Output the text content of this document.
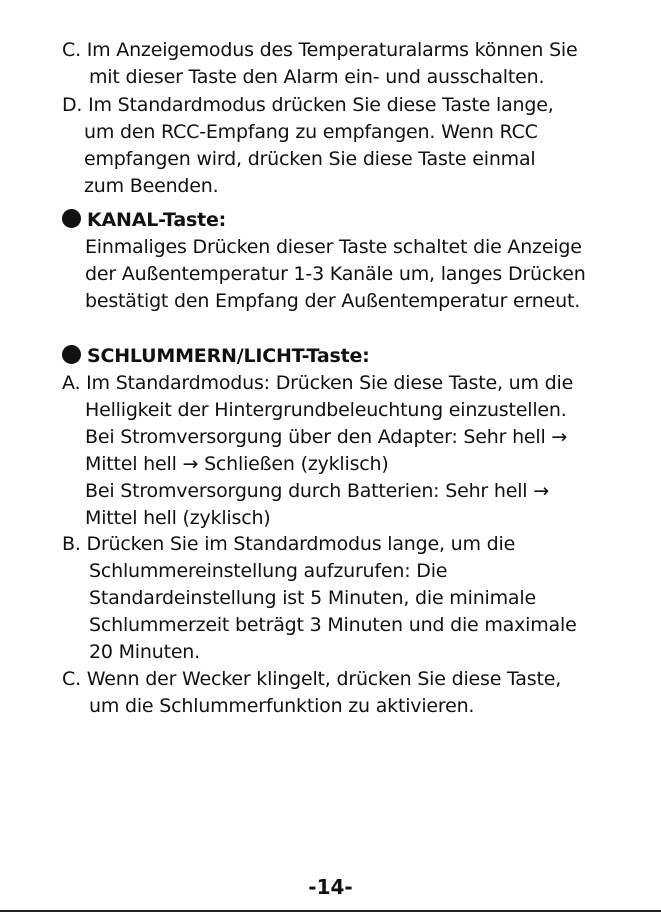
C. Im Anzeigemodus des Temperaturalarms können Sie
mit dieser Taste den Alarm ein- und ausschalten.
D. Im Standardmodus drücken Sie diese Taste lange,
um den RCC-Empfang zu empfangen. Wenn RCC
empfangen wird, drücken Sie diese Taste einmal
zum Beenden.
KANAL-Taste:
Einmaliges Drücken dieser Taste schaltet die Anzeige
der Außentemperatur 1-3 Kanäle um, langes Drücken
bestätigt den Empfang der Außentemperatur erneut.
SCHLUMMERN/LICHT-Taste:
A. Im Standardmodus: Drücken Sie diese Taste, um die
Helligkeit der Hintergrundbeleuchtung einzustellen.
Bei Stromversorgung über den Adapter: Sehr hell →
Mittel hell → Schließen (zyklisch)
Bei Stromversorgung durch Batterien: Sehr hell →
Mittel hell (zyklisch)
B. Drücken Sie im Standardmodus lange, um die
Schlummereinstellung aufzurufen: Die
Standardeinstellung ist 5 Minuten, die minimale
Schlummerzeit beträgt 3 Minuten und die maximale
20 Minuten.
C. Wenn der Wecker klingelt, drücken Sie diese Taste,
um die Schlummerfunktion zu aktivieren.
-14-
